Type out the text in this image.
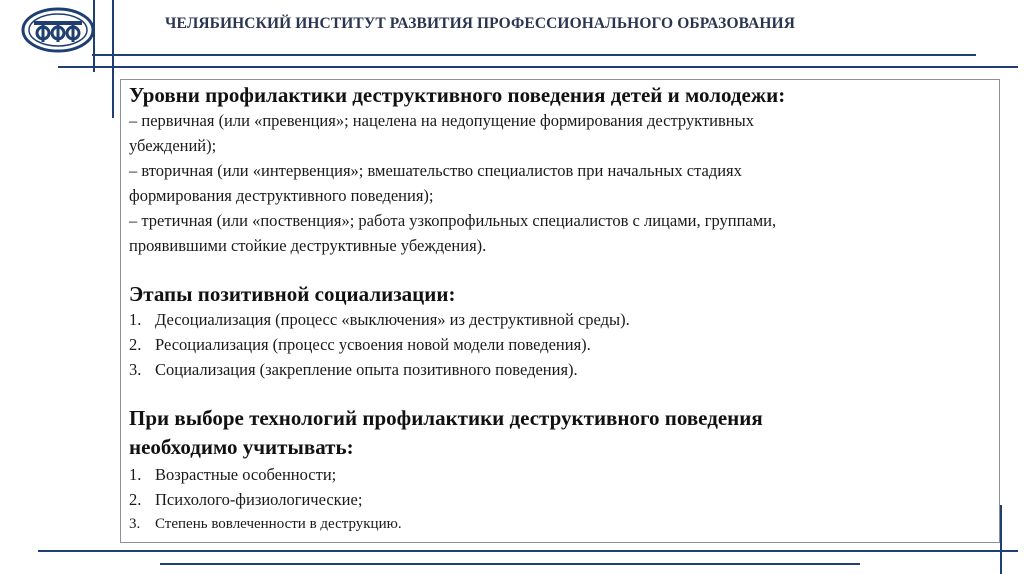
ЧЕЛЯБИНСКИЙ ИНСТИТУТ РАЗВИТИЯ ПРОФЕССИОНАЛЬНОГО ОБРАЗОВАНИЯ

Уровни профилактики деструктивного поведения детей и молодежи:

– первичная (или «превенция»; нацелена на недопущение формирования деструктивных

убеждений);

– вторичная (или «интервенция»; вмешательство специалистов при начальных стадиях

формирования деструктивного поведения);

– третичная (или «поственция»; работа узкопрофильных специалистов с лицами, группами,

проявившими стойкие деструктивные убеждения).

Этапы позитивной социализации:

1. Десоциализация (процесс «выключения» из деструктивной среды).
2. Ресоциализация (процесс усвоения новой модели поведения).
3. Социализация (закрепление опыта позитивного поведения).

При выборе технологий профилактики деструктивного поведения

необходимо учитывать:

1. Возрастные особенности;
2. Психолого-физиологические;
3. Степень вовлеченности в деструкцию.
